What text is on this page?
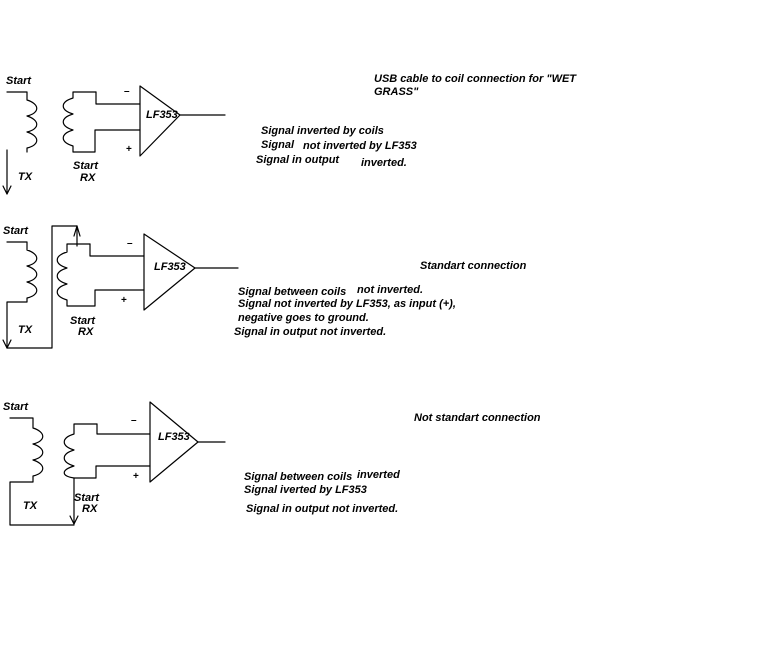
Start
TX
Start
RX
–
+
LF353
USB cable to coil connection for "WET
GRASS"
Signal inverted by coils
Signal not inverted by LF353
Signal in output inverted.
Start
TX
Start
RX
–
+
LF353	Standart connection
Signal between coils not inverted.
Signal not inverted by LF353, as input (+),
negative goes to ground.
Signal in output not inverted.
Start
TX
Start
RX
–
+
LF353
Not standart connection
Signal between coils inverted
Signal iverted by LF353
Signal in output not inverted.
